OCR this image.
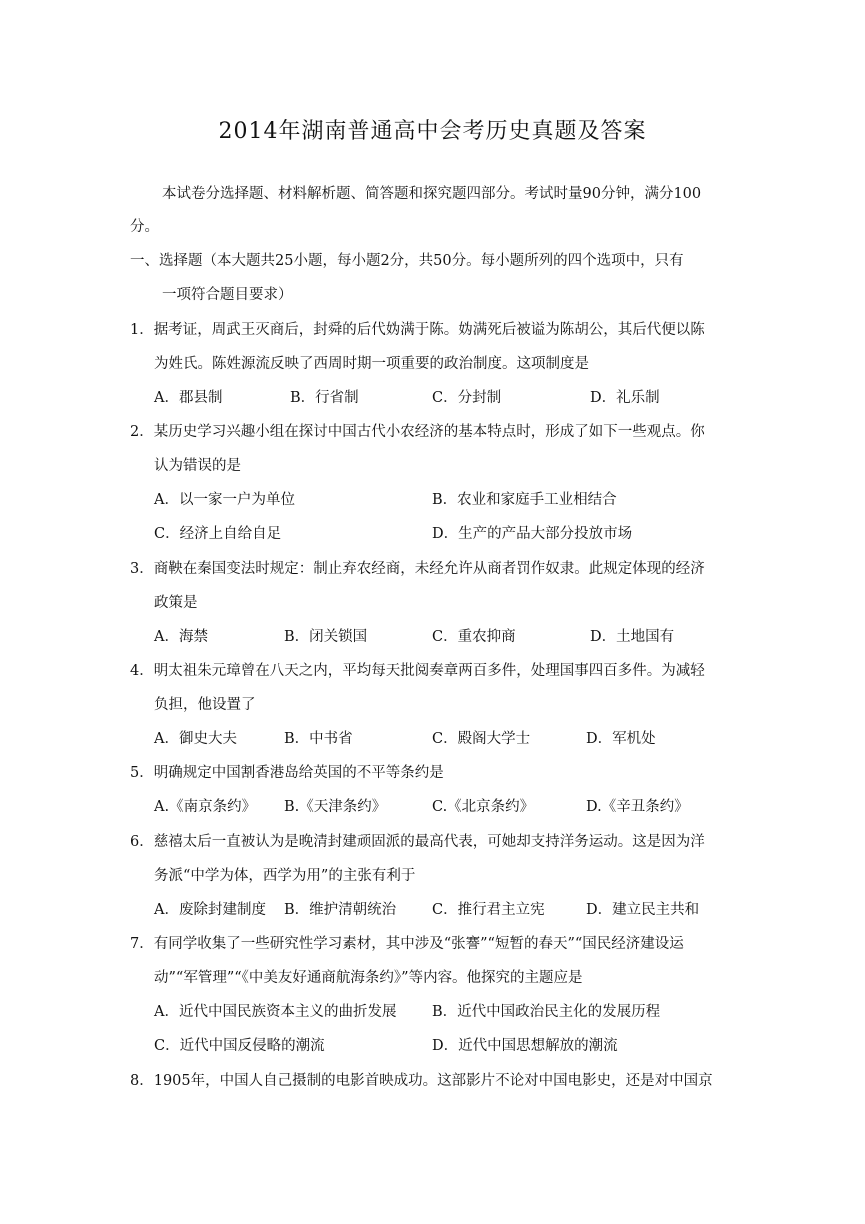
2014年湖南普通高中会考历史真题及答案
本试卷分选择题、材料解析题、简答题和探究题四部分。考试时量90分钟，满分100
分。
一、选择题（本大题共25小题，每小题2分，共50分。每小题所列的四个选项中，只有
一项符合题目要求）
1．据考证，周武王灭商后，封舜的后代妫满于陈。妫满死后被谥为陈胡公，其后代便以陈
为姓氏。陈姓源流反映了西周时期一项重要的政治制度。这项制度是
A．郡县制	B．行省制	C．分封制	D．礼乐制
2．某历史学习兴趣小组在探讨中国古代小农经济的基本特点时，形成了如下一些观点。你
认为错误的是
A．以一家一户为单位	B．农业和家庭手工业相结合
C．经济上自给自足	D．生产的产品大部分投放市场
3．商鞅在秦国变法时规定：制止弃农经商，未经允许从商者罚作奴隶。此规定体现的经济
政策是
A．海禁	B．闭关锁国	C．重农抑商	D．土地国有
4．明太祖朱元璋曾在八天之内，平均每天批阅奏章两百多件，处理国事四百多件。为减轻
负担，他设置了
A．御史大夫	B．中书省	C．殿阁大学士	D．军机处
5．明确规定中国割香港岛给英国的不平等条约是
A.《南京条约》 B.《天津条约》	C.《北京条约》	D.《辛丑条约》
6．慈禧太后一直被认为是晚清封建顽固派的最高代表，可她却支持洋务运动。这是因为洋
务派“中学为体，西学为用”的主张有利于
A．废除封建制度 B．维护清朝统治 C．推行君主立宪	D．建立民主共和
7．有同学收集了一些研究性学习素材，其中涉及“张謇”“短暂的春天”“国民经济建设运
动”“军管理”“《中美友好通商航海条约》”等内容。他探究的主题应是
A．近代中国民族资本主义的曲折发展 B．近代中国政治民主化的发展历程
C．近代中国反侵略的潮流	D．近代中国思想解放的潮流
8．1905年，中国人自己摄制的电影首映成功。这部影片不论对中国电影史，还是对中国京
